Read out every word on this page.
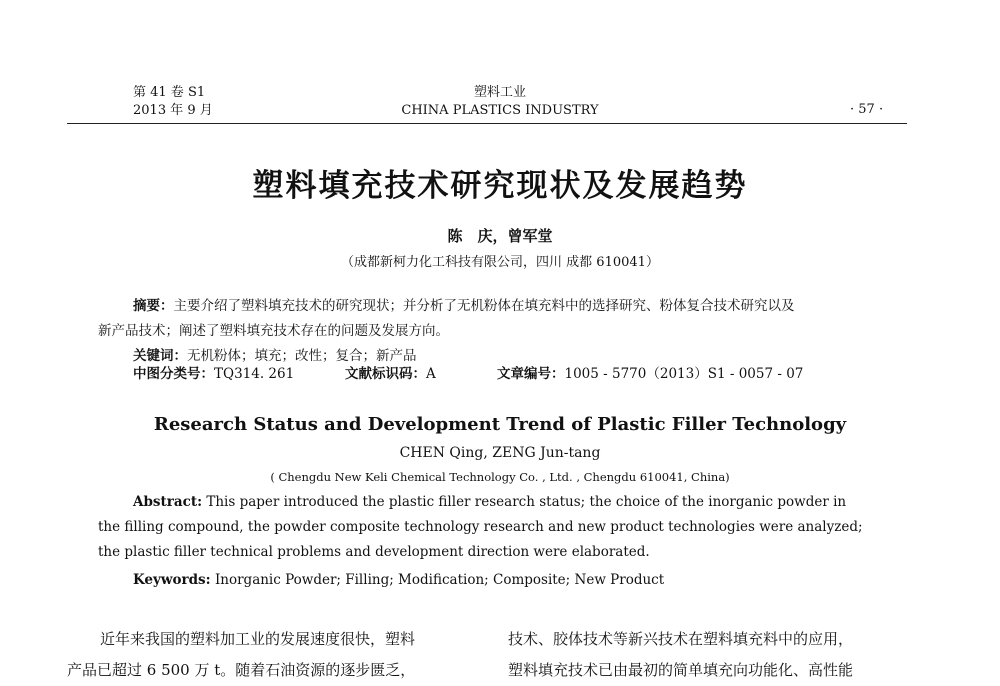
第 41 卷 S1
2013 年 9 月
塑料工业
CHINA PLASTICS INDUSTRY	· 57 ·
塑料填充技术研究现状及发展趋势
陈　庆，曾军堂
（成都新柯力化工科技有限公司，四川 成都 610041）
摘要：主要介绍了塑料填充技术的研究现状；并分析了无机粉体在填充料中的选择研究、粉体复合技术研究以及
新产品技术；阐述了塑料填充技术存在的问题及发展方向。
关键词：无机粉体；填充；改性；复合；新产品
中图分类号：TQ314. 261	文献标识码：A	文章编号：1005 - 5770（2013）S1 - 0057 - 07
Research Status and Development Trend of Plastic Filler Technology
CHEN Qing, ZENG Jun-tang
( Chengdu New Keli Chemical Technology Co. , Ltd. , Chengdu 610041, China)
Abstract: This paper introduced the plastic filler research status; the choice of the inorganic powder in
the filling compound, the powder composite technology research and new product technologies were analyzed;
the plastic filler technical problems and development direction were elaborated.
Keywords: Inorganic Powder; Filling; Modification; Composite; New Product

近年来我国的塑料加工业的发展速度很快，塑料

产品已超过 6 500 万 t。随着石油资源的逐步匮乏，

技术、胶体技术等新兴技术在塑料填充料中的应用，

塑料填充技术已由最初的简单填充向功能化、高性能
